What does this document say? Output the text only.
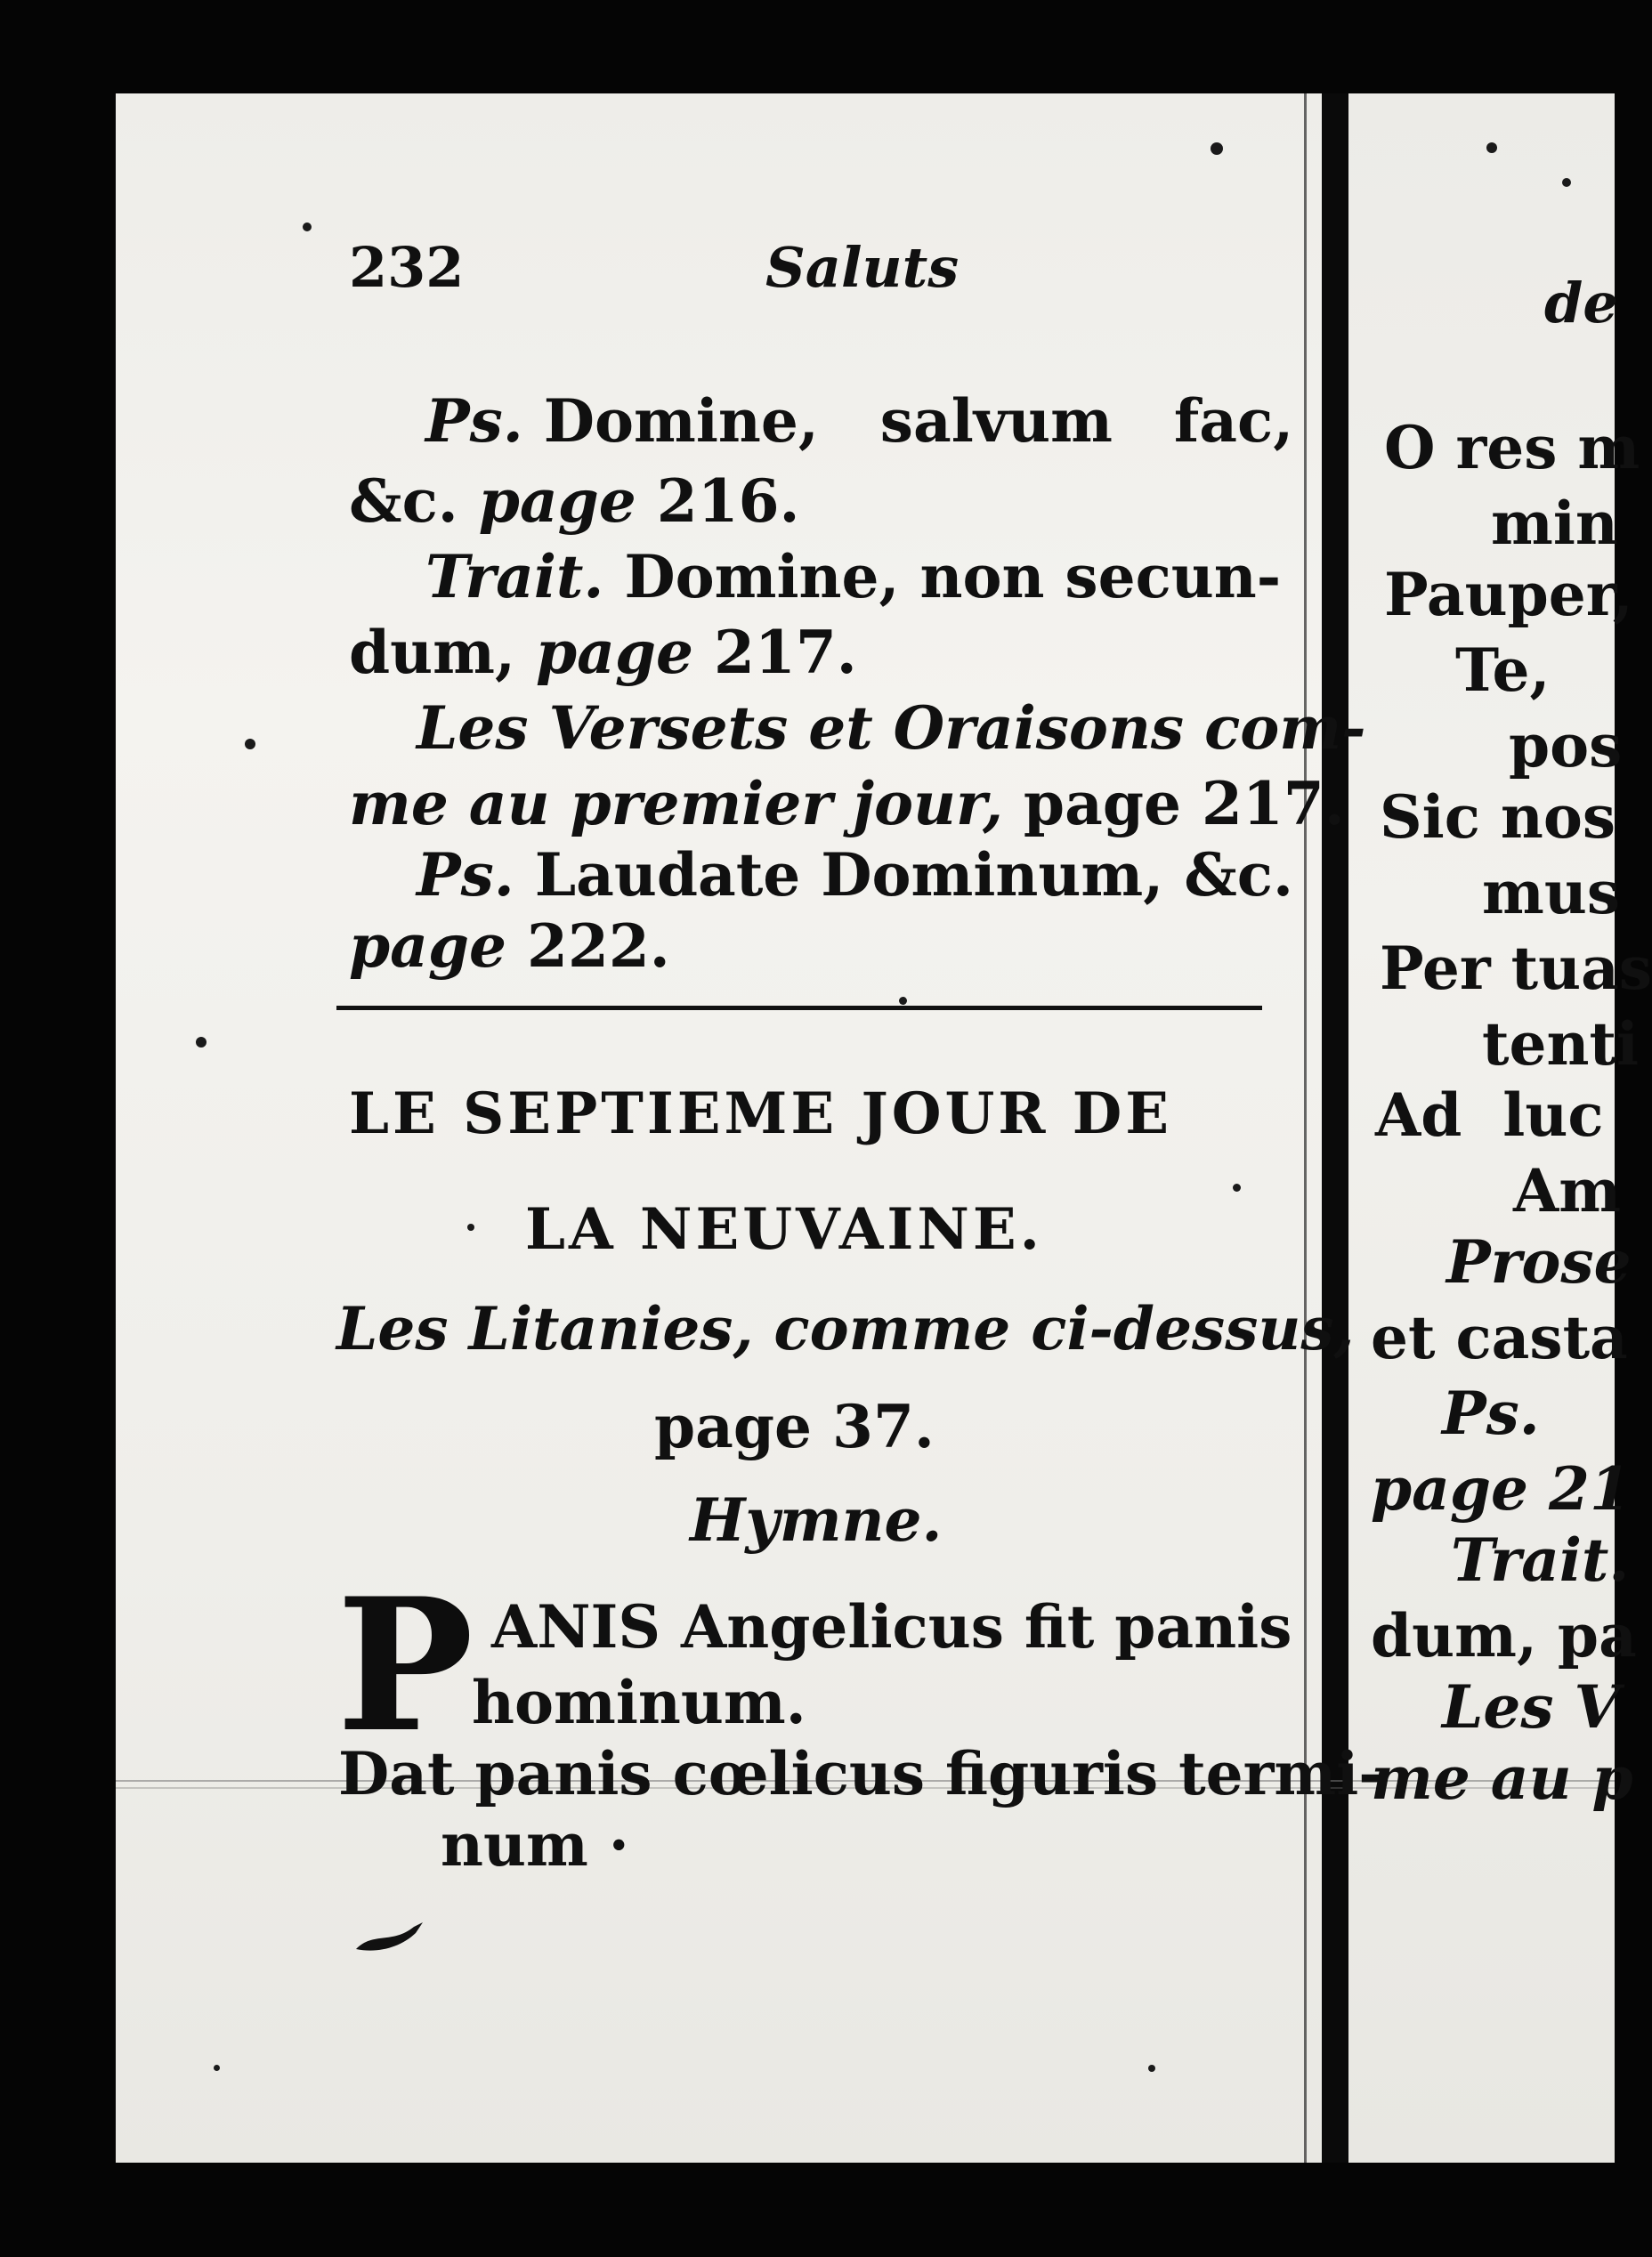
232	Saluts
Ps. Domine,   salvum   fac,
&c. page 216.
Trait. Domine, non secun-
dum, page 217.
Les Versets et Oraisons com-
me au premier jour, page 217.
Ps. Laudate Dominum, &c.
page 222.
LE SEPTIEME JOUR DE
LA NEUVAINE.
Les Litanies, comme ci-dessus,
page 37.
Hymne.
P ANIS Angelicus fit panis
hominum.
Dat panis cœlicus figuris termi-
num ·
de
O res m
min
Pauper,
Te,
pos
Sic nos
mus
Per tuas
tenti
Ad  luc
Am
Prose
et casta
Ps.
page 21
Trait.
dum, pa
Les V
me au p
